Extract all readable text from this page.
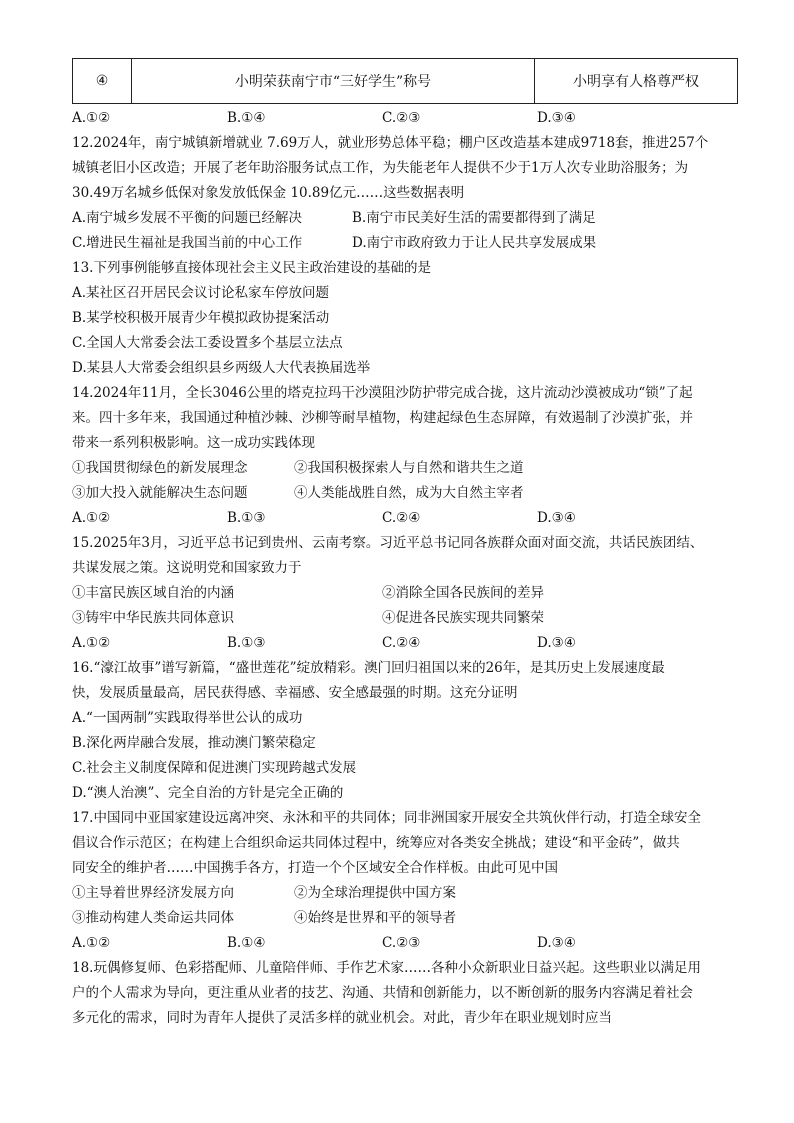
④	小明荣获南宁市“三好学生”称号	小明享有人格尊严权
A.①②	B.①④	C.②③	D.③④
12.2024年，南宁城镇新增就业 7.69万人，就业形势总体平稳；棚户区改造基本建成9718套，推进257个
城镇老旧小区改造；开展了老年助浴服务试点工作，为失能老年人提供不少于1万人次专业助浴服务；为
30.49万名城乡低保对象发放低保金 10.89亿元……这些数据表明
A.南宁城乡发展不平衡的问题已经解决	B.南宁市民美好生活的需要都得到了满足
C.增进民生福祉是我国当前的中心工作	D.南宁市政府致力于让人民共享发展成果
13.下列事例能够直接体现社会主义民主政治建设的基础的是
A.某社区召开居民会议讨论私家车停放问题
B.某学校积极开展青少年模拟政协提案活动
C.全国人大常委会法工委设置多个基层立法点
D.某县人大常委会组织县乡两级人大代表换届选举
14.2024年11月，全长3046公里的塔克拉玛干沙漠阻沙防护带完成合拢，这片流动沙漠被成功“锁”了起
来。四十多年来，我国通过种植沙棘、沙柳等耐旱植物，构建起绿色生态屏障，有效遏制了沙漠扩张，并
带来一系列积极影响。这一成功实践体现
①我国贯彻绿色的新发展理念	②我国积极探索人与自然和谐共生之道
③加大投入就能解决生态问题	④人类能战胜自然，成为大自然主宰者
A.①②	B.①③	C.②④	D.③④
15.2025年3月，习近平总书记到贵州、云南考察。习近平总书记同各族群众面对面交流，共话民族团结、
共谋发展之策。这说明党和国家致力于
①丰富民族区域自治的内涵	②消除全国各民族间的差异
③铸牢中华民族共同体意识	④促进各民族实现共同繁荣
A.①②	B.①③	C.②④	D.③④
16.“濠江故事”谱写新篇，“盛世莲花”绽放精彩。澳门回归祖国以来的26年，是其历史上发展速度最
快，发展质量最高，居民获得感、幸福感、安全感最强的时期。这充分证明
A.“一国两制”实践取得举世公认的成功
B.深化两岸融合发展，推动澳门繁荣稳定
C.社会主义制度保障和促进澳门实现跨越式发展
D.“澳人治澳”、完全自治的方针是完全正确的
17.中国同中亚国家建设远离冲突、永沐和平的共同体；同非洲国家开展安全共筑伙伴行动，打造全球安全
倡议合作示范区；在构建上合组织命运共同体过程中，统筹应对各类安全挑战；建设“和平金砖”，做共
同安全的维护者……中国携手各方，打造一个个区域安全合作样板。由此可见中国
①主导着世界经济发展方向	②为全球治理提供中国方案
③推动构建人类命运共同体	④始终是世界和平的领导者
A.①②	B.①④	C.②③	D.③④
18.玩偶修复师、色彩搭配师、儿童陪伴师、手作艺术家……各种小众新职业日益兴起。这些职业以满足用
户的个人需求为导向，更注重从业者的技艺、沟通、共情和创新能力，以不断创新的服务内容满足着社会
多元化的需求，同时为青年人提供了灵活多样的就业机会。对此，青少年在职业规划时应当
